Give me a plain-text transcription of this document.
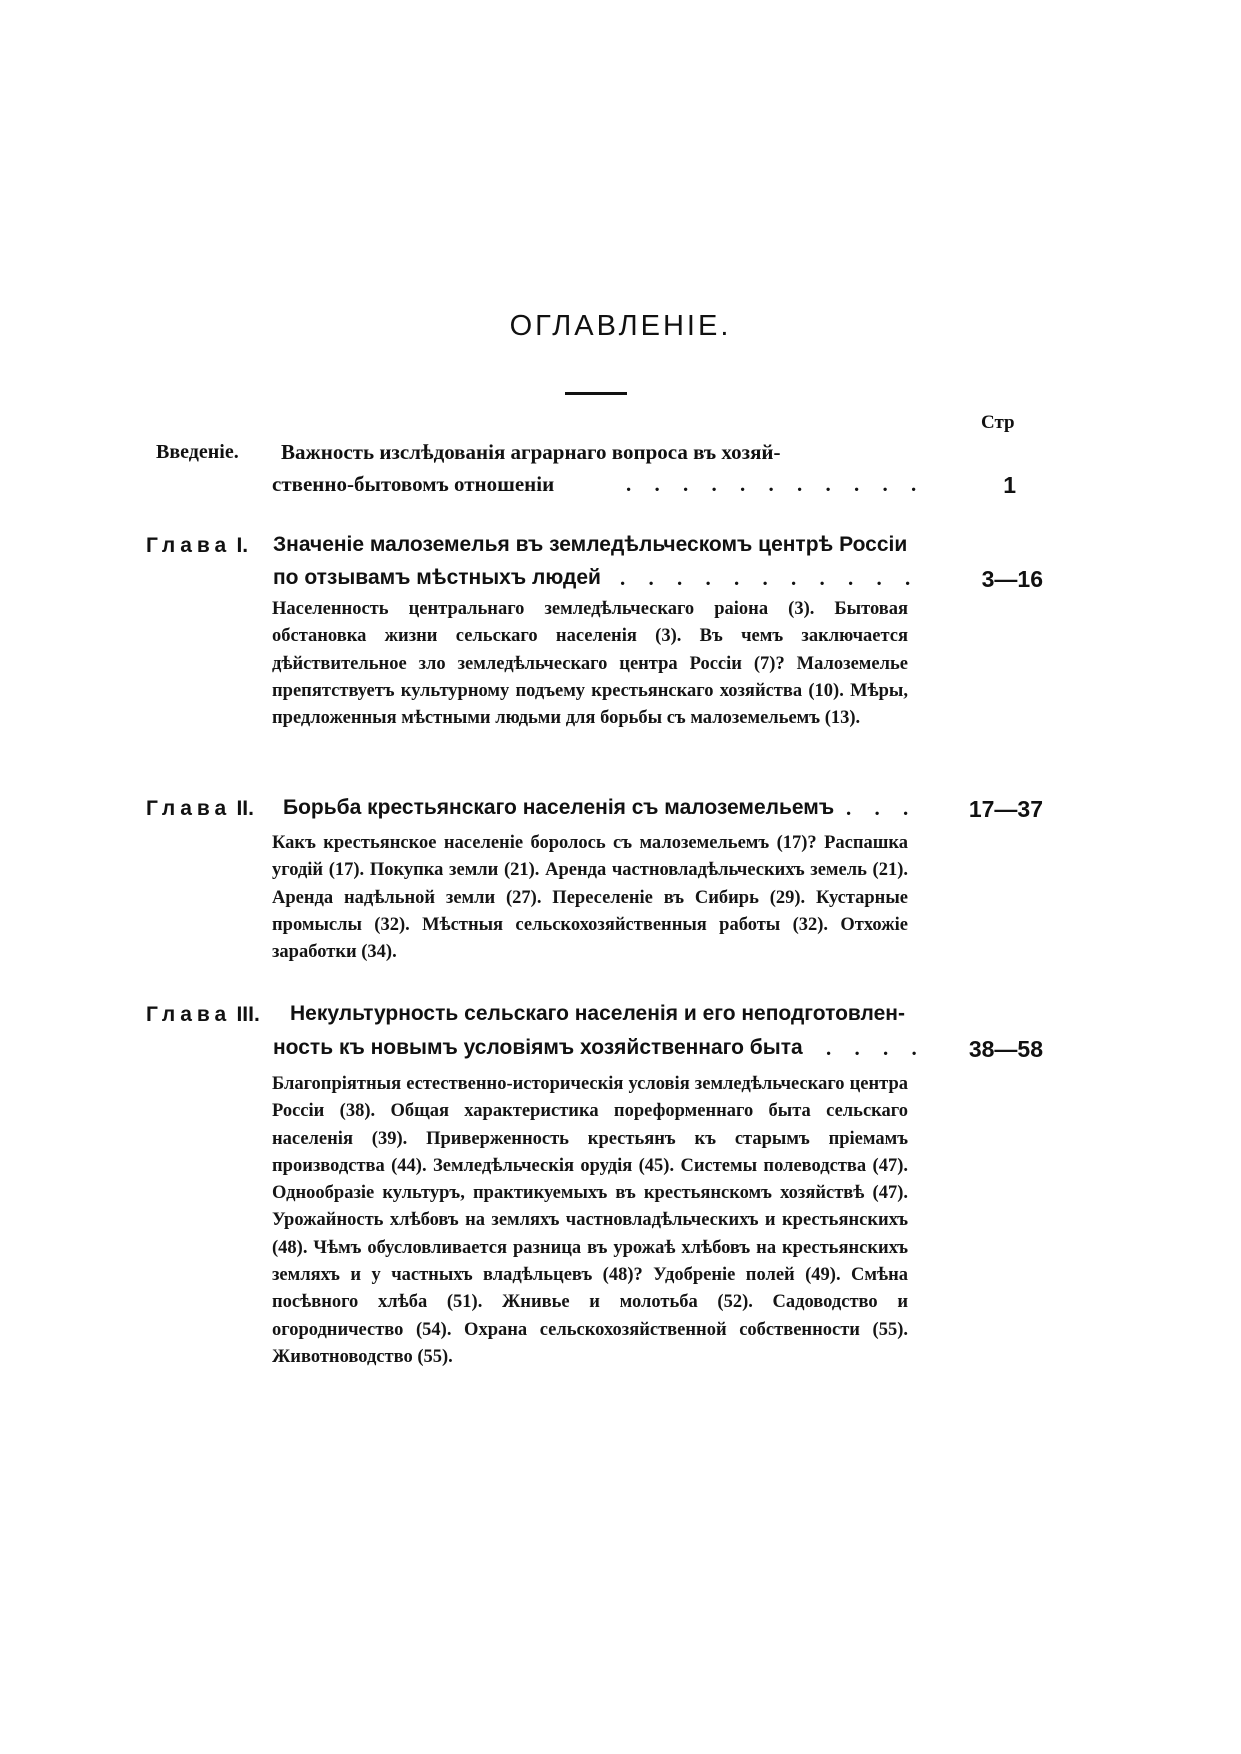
ОГЛАВЛЕНІЕ.
Стр
Введеніе. Важность изслѣдованія аграрнаго вопроса въ хозяй-
ственно-бытовомъ отношеніи	. . . . . . . . . . .	1
Глава I. Значеніе малоземелья въ земледѣльческомъ центрѣ Россіи
по отзывамъ мѣстныхъ людей . . . . . . . . . . .	3—16

Населенность центральнаго земледѣльческаго раіона (3). Бытовая обстановка жизни сельскаго населенія (3). Въ чемъ заключается дѣйствительное зло земледѣльческаго центра Россіи (7)? Малоземелье препятствуетъ культурному подъему крестьянскаго хозяйства (10). Мѣры, предложенныя мѣстными людьми для борьбы съ малоземельемъ (13).

Глава II. Борьба крестьянскаго населенія съ малоземельемъ . . . 17—37

Какъ крестьянское населеніе боролось съ малоземельемъ (17)? Распашка угодій (17). Покупка земли (21). Аренда частновладѣльческихъ земель (21). Аренда надѣльной земли (27). Переселеніе въ Сибирь (29). Кустарные промыслы (32). Мѣстныя сельскохозяйственныя работы (32). Отхожіе заработки (34).

Глава III. Некультурность сельскаго населенія и его неподготовлен-
ность къ новымъ условіямъ хозяйственнаго быта	. . . . 38—58

Благопріятныя естественно-историческія условія земледѣльческаго центра Россіи (38). Общая характеристика пореформеннаго быта сельскаго населенія (39). Приверженность крестьянъ къ старымъ пріемамъ производства (44). Земледѣльческія орудія (45). Системы полеводства (47). Однообразіе культуръ, практикуемыхъ въ крестьянскомъ хозяйствѣ (47). Урожайность хлѣбовъ на земляхъ частновладѣльческихъ и крестьянскихъ (48). Чѣмъ обусловливается разница въ урожаѣ хлѣбовъ на крестьянскихъ земляхъ и у частныхъ владѣльцевъ (48)? Удобреніе полей (49). Смѣна посѣвного хлѣба (51). Жнивье и молотьба (52). Садоводство и огородничество (54). Охрана сельскохозяйственной собственности (55). Животноводство (55).
